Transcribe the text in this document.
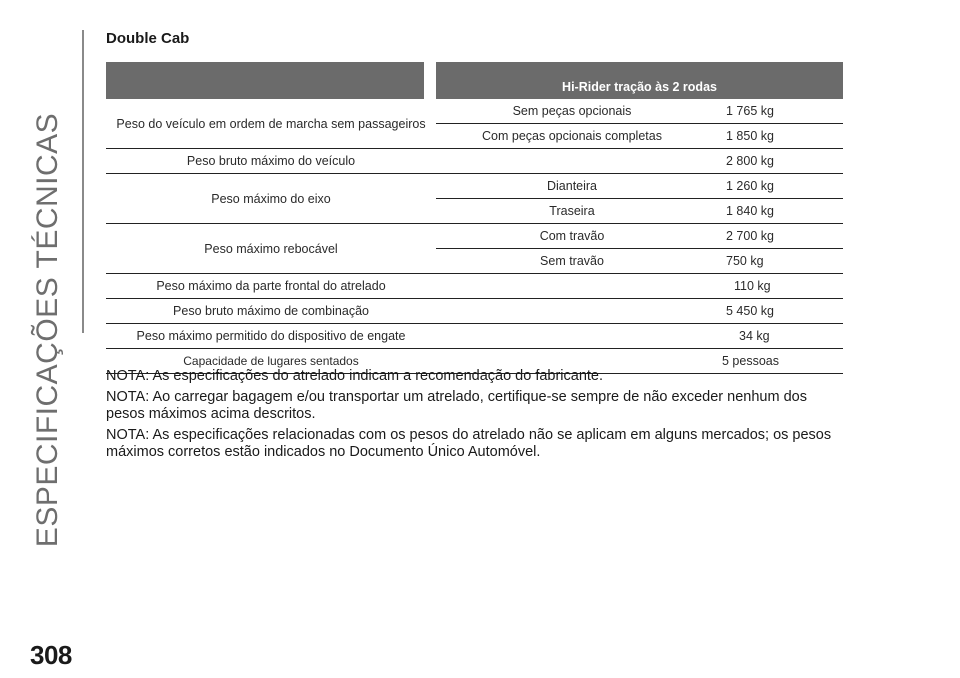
ESPECIFICAÇÕES TÉCNICAS
Double Cab
		Hi-Rider tração às 2 rodas	
Peso do veículo em ordem de marcha sem passageiros		Sem peças opcionais	1 765 kg
		Com peças opcionais completas	1 850 kg
Peso bruto máximo do veículo			2 800 kg
Peso máximo do eixo		Dianteira	1 260 kg
		Traseira	1 840 kg
Peso máximo rebocável		Com travão	2 700 kg
		Sem travão	750 kg
Peso máximo da parte frontal do atrelado			110 kg
Peso bruto máximo de combinação			5 450 kg
Peso máximo permitido do dispositivo de engate			34 kg
Capacidade de lugares sentados			5 pessoas

NOTA: As especificações do atrelado indicam a recomendação do fabricante.

NOTA: Ao carregar bagagem e/ou transportar um atrelado, certifique-se sempre de não exceder nenhum dos pesos máximos acima descritos.

NOTA: As especificações relacionadas com os pesos do atrelado não se aplicam em alguns mercados; os pesos máximos corretos estão indicados no Documento Único Automóvel.

308
